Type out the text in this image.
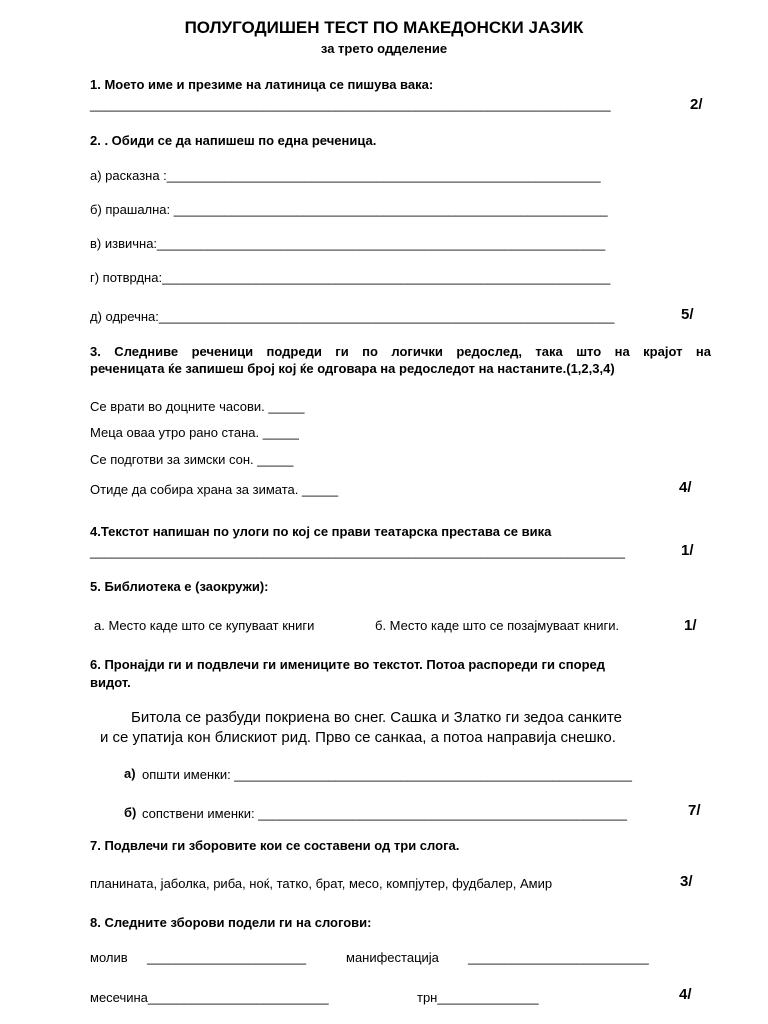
ПОЛУГОДИШЕН ТЕСТ ПО МАКЕДОНСКИ ЈАЗИК
за трето одделение
1. Моето име и презиме на латиница се пишува вака:
________________________________________________________________________	2/
2. . Обиди се да напишеш по една реченица.
а) расказна :____________________________________________________________
б) прашална: ____________________________________________________________
в) извична:______________________________________________________________
г) потврдна:______________________________________________________________
д) одречна:_______________________________________________________________	5/
3. Следниве реченици подреди ги по логички редослед, така што на крајот на
реченицата ќе запишеш број кој ќе одговара на редоследот на настаните.(1,2,3,4)
Се врати во доцните часови. _____
Меца оваа утро рано стана. _____
Се подготви за зимски сон. _____
Отиде да собира храна за зимата. _____	4/
4.Текстот напишан по улоги по кој се прави театарска престава се вика
__________________________________________________________________________	1/
5. Библиотека е (заокружи):
а. Место каде што се купуваат книги	б. Место каде што се позајмуваат книги.	1/
6. Пронајди ги и подвлечи ги имениците во текстот. Потоа распореди ги според
видот.
Битола се разбуди покриена во снег. Сашка и Златко ги зедоа санките
и се упатија кон блискиот рид. Прво се санкаа, а потоа направија снешко.
а) општи именки: _______________________________________________________
б) сопствени именки: ___________________________________________________	7/
7. Подвлечи ги зборовите кои се составени од три слога.
планината, јаболка, риба, ноќ, татко, брат, месо, компјутер, фудбалер, Амир	3/
8. Следните зборови подели ги на слогови:
молив ______________________	манифестација _________________________
месечина_________________________	трн______________	4/
